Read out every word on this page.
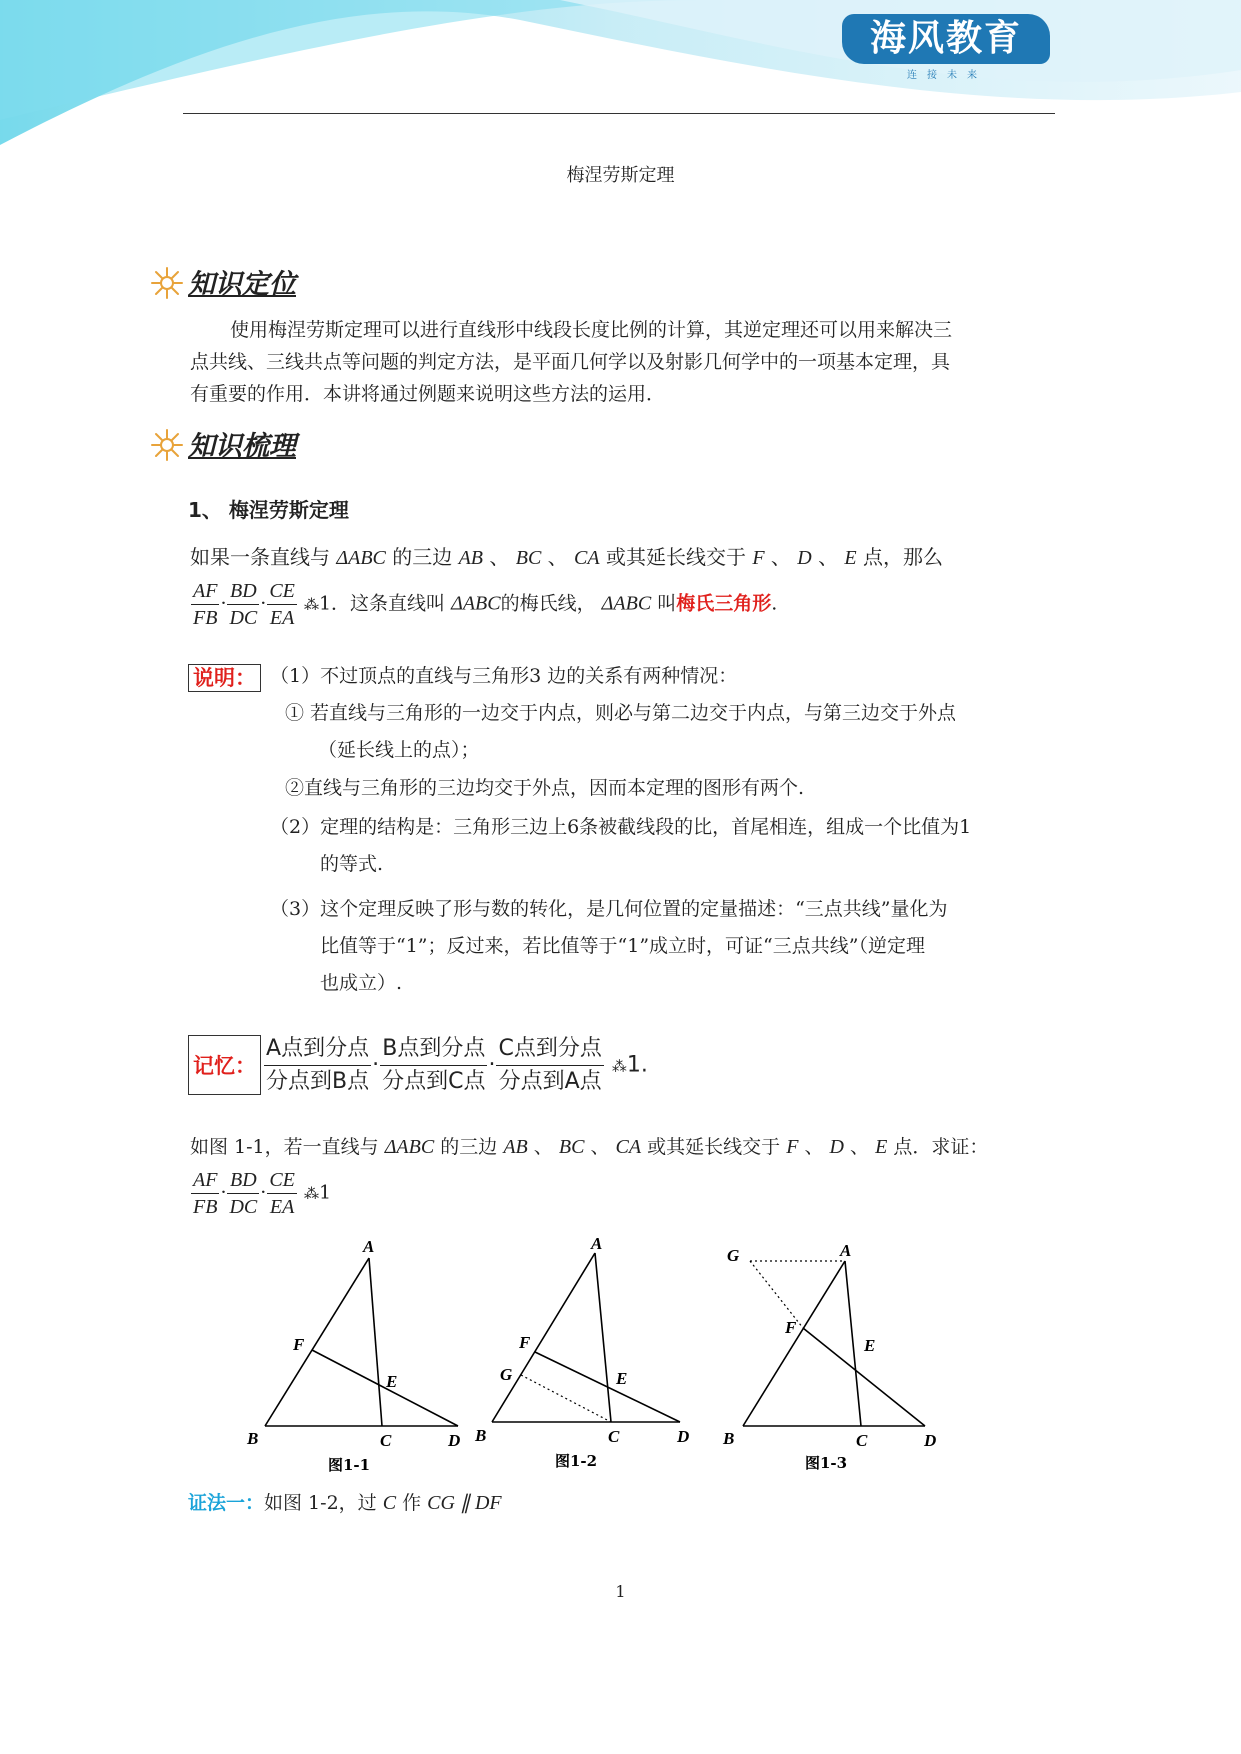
海风教育
连接未来
梅涅劳斯定理
知识定位
使用梅涅劳斯定理可以进行直线形中线段长度比例的计算，其逆定理还可以用来解决三
点共线、三线共点等问题的判定方法，是平面几何学以及射影几何学中的一项基本定理，具
有重要的作用．本讲将通过例题来说明这些方法的运用．
知识梳理
1、 梅涅劳斯定理
如果一条直线与 ΔABC 的三边 AB 、 BC 、 CA 或其延长线交于 F 、 D 、 E 点，那么
$\frac{AF}{FB} \cdot \frac{BD}{DC} \cdot \frac{CE}{EA}$ ⁂1．这条直线叫 ΔABC的梅氏线， ΔABC 叫梅氏三角形.
说明： （1）不过顶点的直线与三角形3 边的关系有两种情况：
① 若直线与三角形的一边交于内点，则必与第二边交于内点，与第三边交于外点
（延长线上的点）；
②直线与三角形的三边均交于外点，因而本定理的图形有两个.
（2）定理的结构是：三角形三边上6条被截线段的比，首尾相连，组成一个比值为1
的等式.
（3）这个定理反映了形与数的转化，是几何位置的定量描述：“三点共线”量化为
比值等于“1”；反过来，若比值等于“1”成立时，可证“三点共线”（逆定理
也成立）.
记忆： $\frac{\text{A点到分点}}{\text{分点到B点}} \cdot \frac{\text{B点到分点}}{\text{分点到C点}} \cdot \frac{\text{C点到分点}}{\text{分点到A点}}$ ⁂1.
如图 1-1，若一直线与 ΔABC 的三边 AB 、 BC 、 CA 或其延长线交于 F 、 D 、 E 点．求证：
$\frac{AF}{FB} \cdot \frac{BD}{DC} \cdot \frac{CE}{EA}$ ⁂1
A
B	C	D
E
F
图1-1
A
B	C	D
E
F
G
图1-2
A
B	C	D
E
F
G
图1-3
证法一：如图 1-2，过 C 作 CG ∥ DF
1
